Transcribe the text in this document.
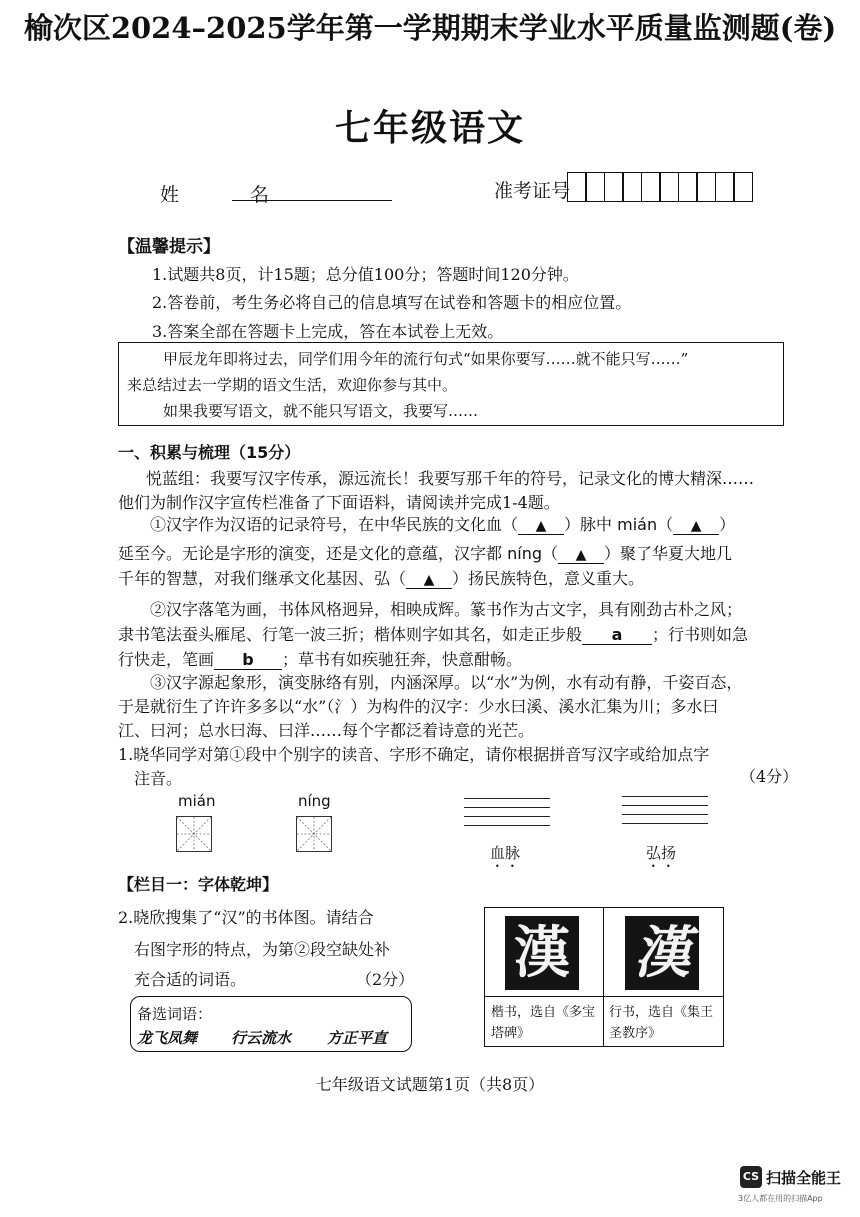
榆次区2024–2025学年第一学期期末学业水平质量监测题(卷)
七年级语文
姓　名	准考证号
【温馨提示】
1.试题共8页，计15题；总分值100分；答题时间120分钟。
2.答卷前，考生务必将自己的信息填写在试卷和答题卡的相应位置。
3.答案全部在答题卡上完成，答在本试卷上无效。

甲辰龙年即将过去，同学们用今年的流行句式“如果你要写……就不能只写……”

来总结过去一学期的语文生活，欢迎你参与其中。

如果我要写语文，就不能只写语文，我要写……

一、积累与梳理（15分）
悦蓝组：我要写汉字传承，源远流长！我要写那千年的符号，记录文化的博大精深……
他们为制作汉字宣传栏准备了下面语料，请阅读并完成1-4题。
①汉字作为汉语的记录符号，在中华民族的文化血（ ▲ ）脉中 mián（ ▲ ）
延至今。无论是字形的演变，还是文化的意蕴，汉字都 níng（ ▲ ）聚了华夏大地几
千年的智慧，对我们继承文化基因、弘（ ▲ ）扬民族特色，意义重大。
②汉字落笔为画，书体风格迥异，相映成辉。篆书作为古文字，具有刚劲古朴之风；
隶书笔法蚕头雁尾、行笔一波三折；楷体则字如其名，如走正步般 a ；行书则如急
行快走，笔画 b ；草书有如疾驰狂奔，快意酣畅。
③汉字源起象形，演变脉络有别，内涵深厚。以“水”为例，水有动有静，千姿百态，
于是就衍生了许许多多以“水”（氵）为构件的汉字：少水曰溪、溪水汇集为川；多水曰
江、曰河；总水曰海、曰洋……每个字都泛着诗意的光芒。
1.晓华同学对第①段中个别字的读音、字形不确定，请你根据拼音写汉字或给加点字
注音。	（4分）
mián	níng
血脉	弘扬
【栏目一：字体乾坤】
2.晓欣搜集了“汉”的书体图。请结合
右图字形的特点，为第②段空缺处补
充合适的词语。	（2分）
备选词语：
龙飞凤舞 行云流水 方正平直
漢 漢
楷书，选自《多宝塔碑》
行书，选自《集王圣教序》
七年级语文试题第1页（共8页）
CS 扫描全能王
3亿人都在用的扫描App
